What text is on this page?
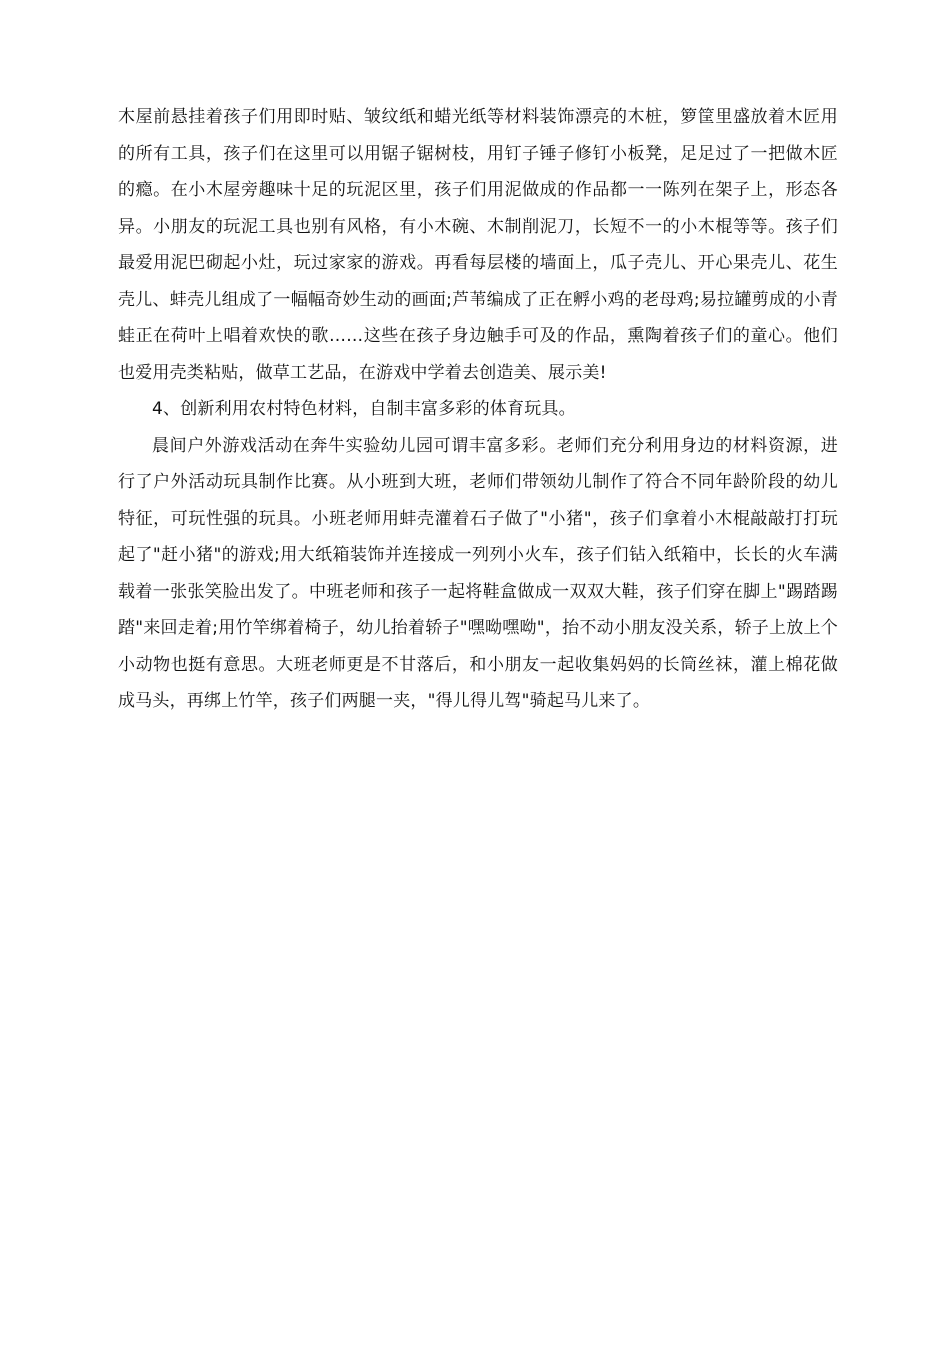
木屋前悬挂着孩子们用即时贴、皱纹纸和蜡光纸等材料装饰漂亮的木桩，箩筐里盛放着木匠用的所有工具，孩子们在这里可以用锯子锯树枝，用钉子锤子修钉小板凳，足足过了一把做木匠的瘾。在小木屋旁趣味十足的玩泥区里，孩子们用泥做成的作品都一一陈列在架子上，形态各异。小朋友的玩泥工具也别有风格，有小木碗、木制削泥刀，长短不一的小木棍等等。孩子们最爱用泥巴砌起小灶，玩过家家的游戏。再看每层楼的墙面上，瓜子壳儿、开心果壳儿、花生壳儿、蚌壳儿组成了一幅幅奇妙生动的画面;芦苇编成了正在孵小鸡的老母鸡;易拉罐剪成的小青蛙正在荷叶上唱着欢快的歌……这些在孩子身边触手可及的作品，熏陶着孩子们的童心。他们也爱用壳类粘贴，做草工艺品，在游戏中学着去创造美、展示美!

4、创新利用农村特色材料，自制丰富多彩的体育玩具。

晨间户外游戏活动在奔牛实验幼儿园可谓丰富多彩。老师们充分利用身边的材料资源，进行了户外活动玩具制作比赛。从小班到大班，老师们带领幼儿制作了符合不同年龄阶段的幼儿特征，可玩性强的玩具。小班老师用蚌壳灌着石子做了"小猪"，孩子们拿着小木棍敲敲打打玩起了"赶小猪"的游戏;用大纸箱装饰并连接成一列列小火车，孩子们钻入纸箱中，长长的火车满载着一张张笑脸出发了。中班老师和孩子一起将鞋盒做成一双双大鞋，孩子们穿在脚上"踢踏踢踏"来回走着;用竹竿绑着椅子，幼儿抬着轿子"嘿呦嘿呦"，抬不动小朋友没关系，轿子上放上个小动物也挺有意思。大班老师更是不甘落后，和小朋友一起收集妈妈的长筒丝袜，灌上棉花做成马头，再绑上竹竿，孩子们两腿一夹，"得儿得儿驾"骑起马儿来了。
